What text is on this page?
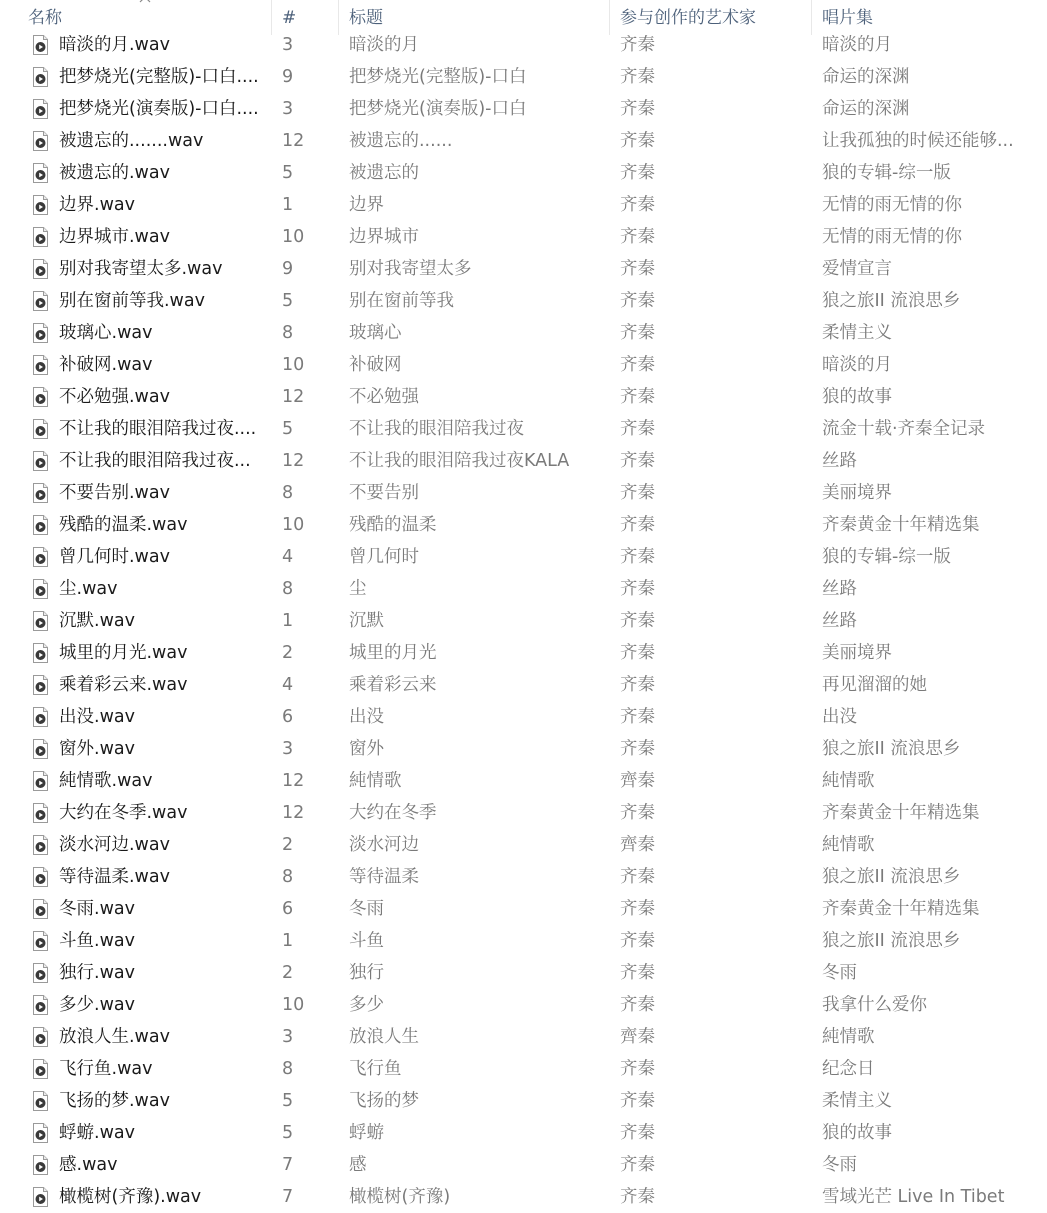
暗淡的月.wav	3	暗淡的月	齐秦	暗淡的月
把梦烧光(完整版)-口白....	9	把梦烧光(完整版)-口白	齐秦	命运的深渊
把梦烧光(演奏版)-口白....	3	把梦烧光(演奏版)-口白	齐秦	命运的深渊
被遗忘的.......wav	12	被遗忘的......	齐秦	让我孤独的时候还能够...
被遗忘的.wav	5	被遗忘的	齐秦	狼的专辑-综一版
边界.wav	1	边界	齐秦	无情的雨无情的你
边界城市.wav	10	边界城市	齐秦	无情的雨无情的你
别对我寄望太多.wav	9	别对我寄望太多	齐秦	爱情宣言
别在窗前等我.wav	5	别在窗前等我	齐秦	狼之旅II 流浪思乡
玻璃心.wav	8	玻璃心	齐秦	柔情主义
补破网.wav	10	补破网	齐秦	暗淡的月
不必勉强.wav	12	不必勉强	齐秦	狼的故事
不让我的眼泪陪我过夜....	5	不让我的眼泪陪我过夜	齐秦	流金十载·齐秦全记录
不让我的眼泪陪我过夜...	12	不让我的眼泪陪我过夜KALA	齐秦	丝路
不要告别.wav	8	不要告别	齐秦	美丽境界
残酷的温柔.wav	10	残酷的温柔	齐秦	齐秦黄金十年精选集
曾几何时.wav	4	曾几何时	齐秦	狼的专辑-综一版
尘.wav	8	尘	齐秦	丝路
沉默.wav	1	沉默	齐秦	丝路
城里的月光.wav	2	城里的月光	齐秦	美丽境界
乘着彩云来.wav	4	乘着彩云来	齐秦	再见溜溜的她
出没.wav	6	出没	齐秦	出没
窗外.wav	3	窗外	齐秦	狼之旅II 流浪思乡
純情歌.wav	12	純情歌	齊秦	純情歌
大约在冬季.wav	12	大约在冬季	齐秦	齐秦黄金十年精选集
淡水河边.wav	2	淡水河边	齊秦	純情歌
等待温柔.wav	8	等待温柔	齐秦	狼之旅II 流浪思乡
冬雨.wav	6	冬雨	齐秦	齐秦黄金十年精选集
斗鱼.wav	1	斗鱼	齐秦	狼之旅II 流浪思乡
独行.wav	2	独行	齐秦	冬雨
多少.wav	10	多少	齐秦	我拿什么爱你
放浪人生.wav	3	放浪人生	齊秦	純情歌
飞行鱼.wav	8	飞行鱼	齐秦	纪念日
飞扬的梦.wav	5	飞扬的梦	齐秦	柔情主义
蜉蝣.wav	5	蜉蝣	齐秦	狼的故事
感.wav	7	感	齐秦	冬雨
橄榄树(齐豫).wav	7	橄榄树(齐豫)	齐秦	雪域光芒 Live In Tibet
名称	#	标题	参与创作的艺术家	唱片集
